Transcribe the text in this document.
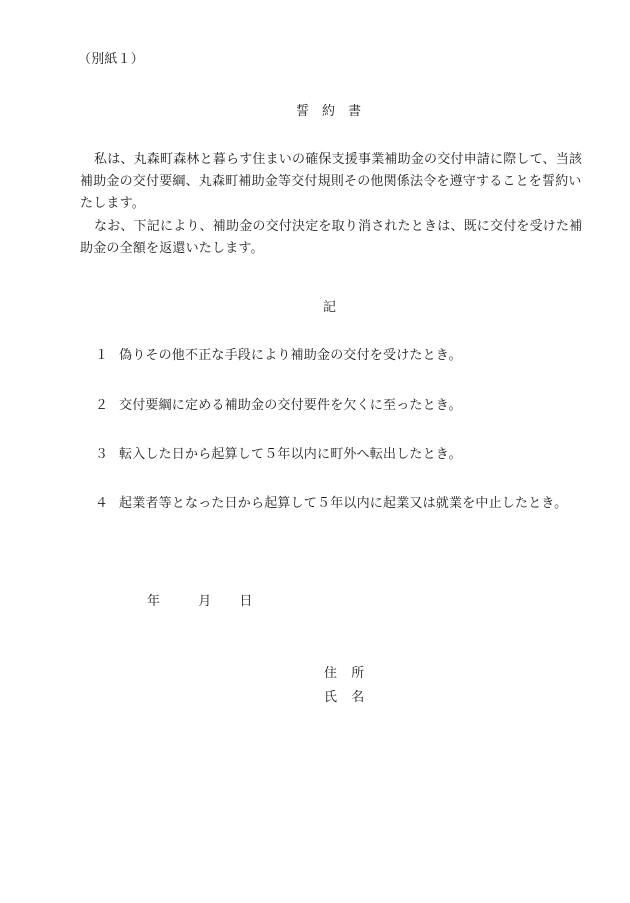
（別紙１）
誓 約 書
私は、丸森町森林と暮らす住まいの確保支援事業補助金の交付申請に際して、当該
補助金の交付要綱、丸森町補助金等交付規則その他関係法令を遵守することを誓約い
たします。
なお、下記により、補助金の交付決定を取り消されたときは、既に交付を受けた補
助金の全額を返還いたします。
記
１ 偽りその他不正な手段により補助金の交付を受けたとき。
２ 交付要綱に定める補助金の交付要件を欠くに至ったとき。
３ 転入した日から起算して５年以内に町外へ転出したとき。
４ 起業者等となった日から起算して５年以内に起業又は就業を中止したとき。
年	月 日
住 所
氏 名
